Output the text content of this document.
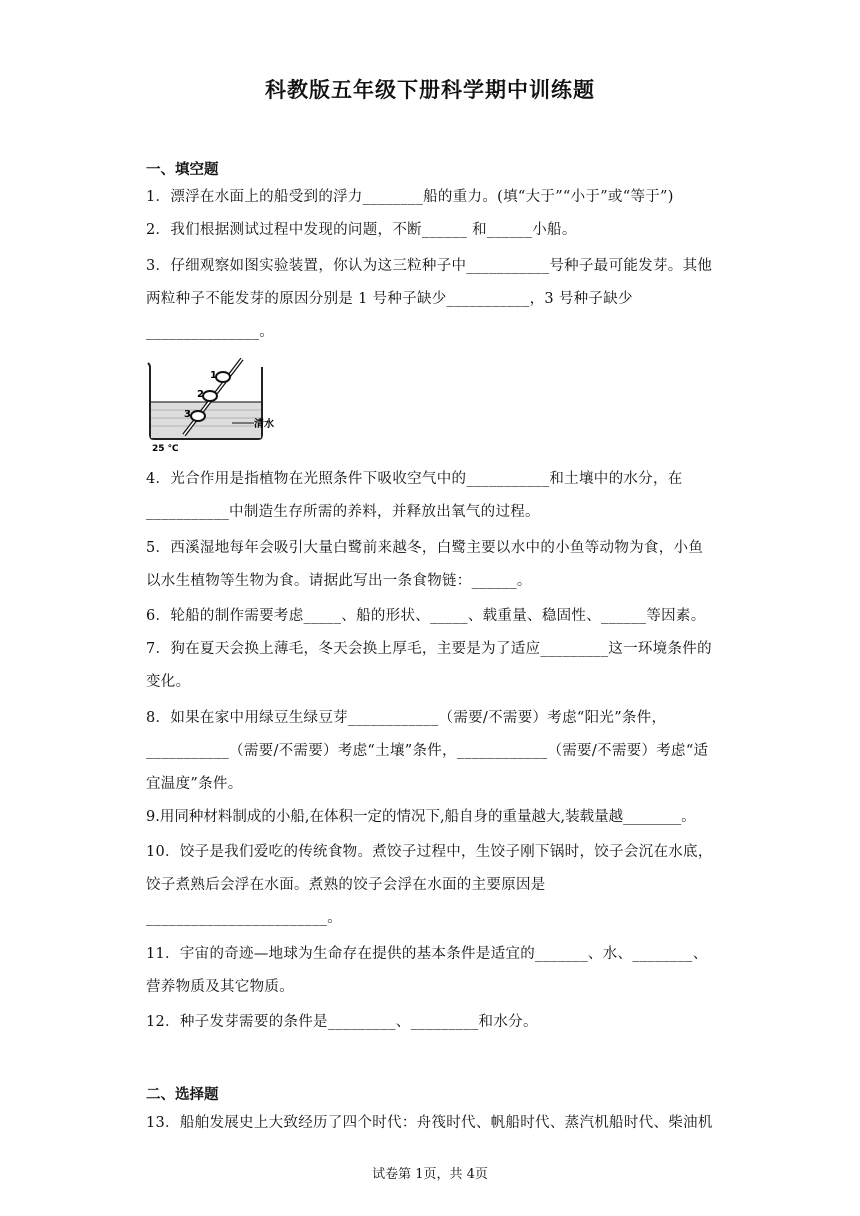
科教版五年级下册科学期中训练题
一、填空题
1．漂浮在水面上的船受到的浮力________船的重力。(填“大于”“小于”或“等于”)
2．我们根据测试过程中发现的问题，不断______ 和______小船。
3．仔细观察如图实验装置，你认为这三粒种子中___________号种子最可能发芽。其他
两粒种子不能发芽的原因分别是 1 号种子缺少___________，3 号种子缺少
_______________。
1
2
3
清水
25 ℃
4．光合作用是指植物在光照条件下吸收空气中的___________和土壤中的水分，在
___________中制造生存所需的养料，并释放出氧气的过程。
5．西溪湿地每年会吸引大量白鹭前来越冬，白鹭主要以水中的小鱼等动物为食，小鱼
以水生植物等生物为食。请据此写出一条食物链：______。
6．轮船的制作需要考虑_____、船的形状、_____、载重量、稳固性、______等因素。
7．狗在夏天会换上薄毛，冬天会换上厚毛，主要是为了适应_________这一环境条件的
变化。
8．如果在家中用绿豆生绿豆芽____________（需要/不需要）考虑“阳光”条件，
___________（需要/不需要）考虑“土壤”条件，____________（需要/不需要）考虑“适
宜温度”条件。
9.用同种材料制成的小船,在体积一定的情况下,船自身的重量越大,装载量越________。
10．饺子是我们爱吃的传统食物。煮饺子过程中，生饺子刚下锅时，饺子会沉在水底，
饺子煮熟后会浮在水面。煮熟的饺子会浮在水面的主要原因是
________________________。
11．宇宙的奇迹—地球为生命存在提供的基本条件是适宜的_______、水、________、
营养物质及其它物质。
12．种子发芽需要的条件是_________、_________和水分。
二、选择题
13．船舶发展史上大致经历了四个时代：舟筏时代、帆船时代、蒸汽机船时代、柴油机
试卷第 1页，共 4页
